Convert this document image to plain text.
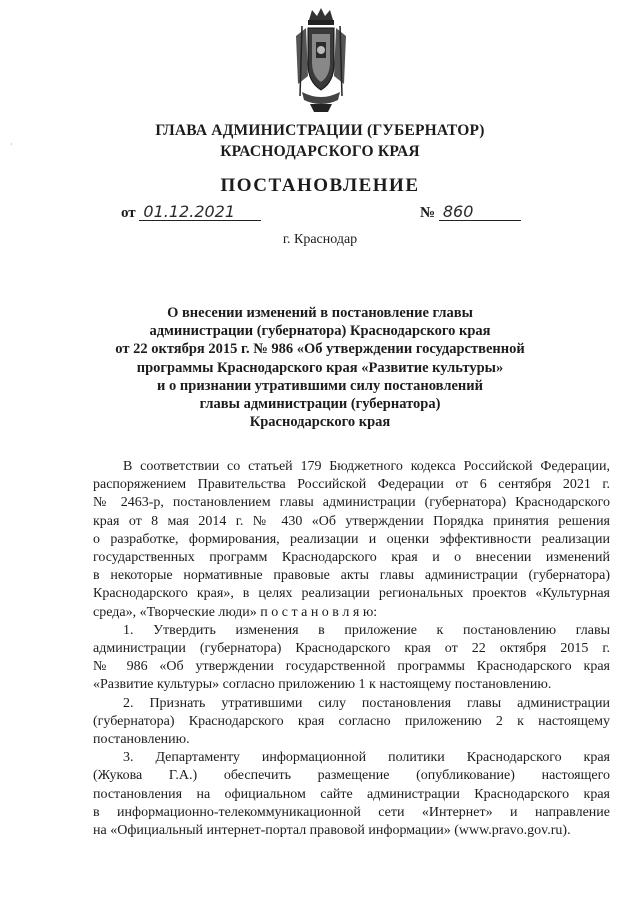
·
ГЛАВА АДМИНИСТРАЦИИ (ГУБЕРНАТОР)
КРАСНОДАРСКОГО КРАЯ
ПОСТАНОВЛЕНИЕ
от 01.12.2021	№ 860
г. Краснодар
О внесении изменений в постановление главы
администрации (губернатора) Краснодарского края
от 22 октября 2015 г. № 986 «Об утверждении государственной
программы Краснодарского края «Развитие культуры»
и о признании утратившими силу постановлений
главы администрации (губернатора)
Краснодарского края
В соответствии со статьей 179 Бюджетного кодекса Российской Федерации,
распоряжением Правительства Российской Федерации от 6 сентября 2021 г.
№ 2463-р, постановлением главы администрации (губернатора) Краснодарского
края от 8 мая 2014 г. № 430 «Об утверждении Порядка принятия решения
о разработке, формирования, реализации и оценки эффективности реализации
государственных программ Краснодарского края и о внесении изменений
в некоторые нормативные правовые акты главы администрации (губернатора)
Краснодарского края», в целях реализации региональных проектов «Культурная
среда», «Творческие люди» п о с т а н о в л я ю:
1. Утвердить изменения в приложение к постановлению главы
администрации (губернатора) Краснодарского края от 22 октября 2015 г.
№ 986 «Об утверждении государственной программы Краснодарского края
«Развитие культуры» согласно приложению 1 к настоящему постановлению.
2. Признать утратившими силу постановления главы администрации
(губернатора) Краснодарского края согласно приложению 2 к настоящему
постановлению.
3. Департаменту информационной политики Краснодарского края
(Жукова Г.А.) обеспечить размещение (опубликование) настоящего
постановления на официальном сайте администрации Краснодарского края
в информационно-телекоммуникационной сети «Интернет» и направление
на «Официальный интернет-портал правовой информации» (www.pravo.gov.ru).
